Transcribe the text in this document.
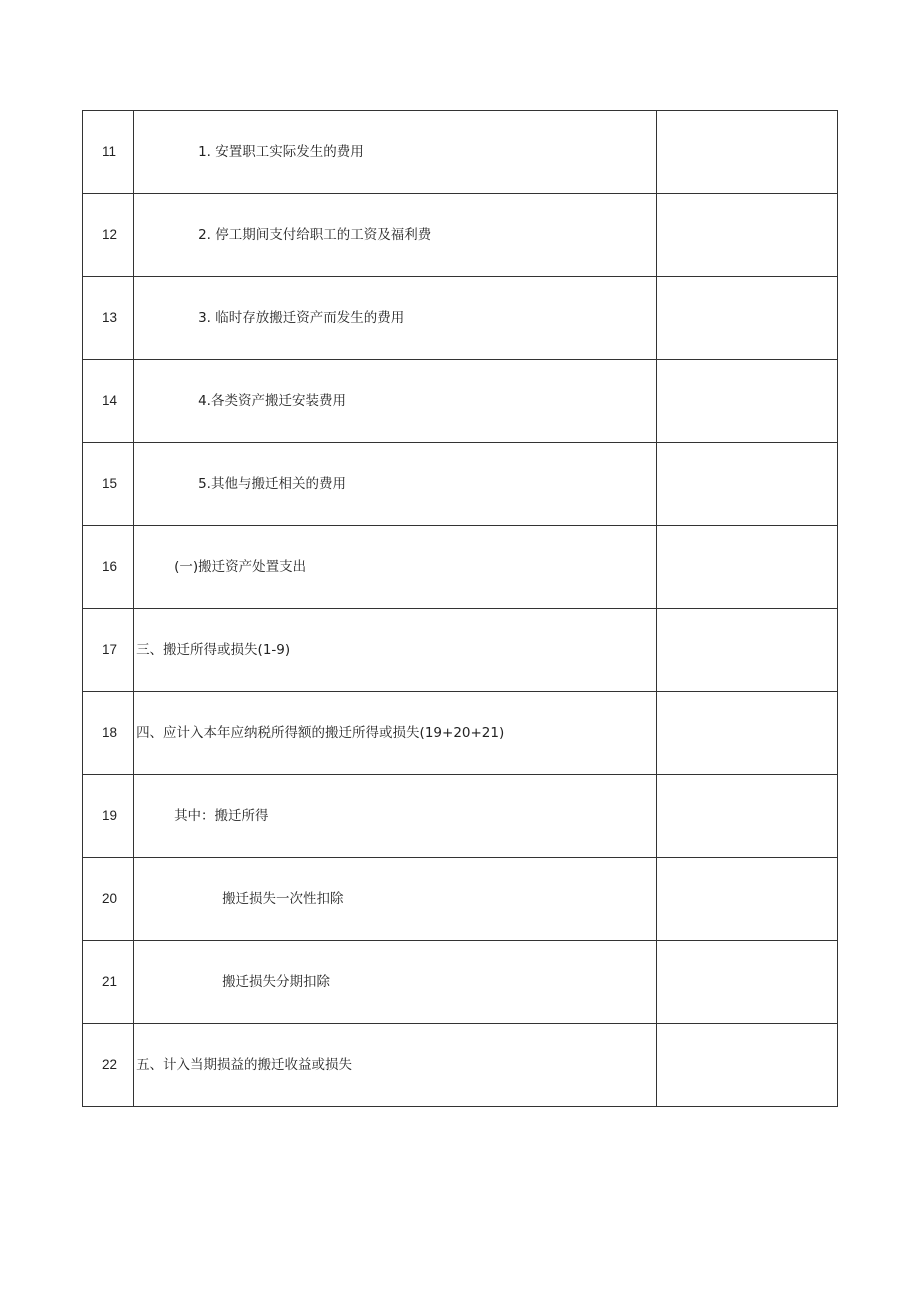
11	1. 安置职工实际发生的费用	
12	2. 停工期间支付给职工的工资及福利费	
13	3. 临时存放搬迁资产而发生的费用	
14	4.各类资产搬迁安装费用	
15	5.其他与搬迁相关的费用	
16	(一)搬迁资产处置支出	
17	三、搬迁所得或损失(1-9)	
18	四、应计入本年应纳税所得额的搬迁所得或损失(19+20+21)	
19	其中：搬迁所得	
20	搬迁损失一次性扣除	
21	搬迁损失分期扣除	
22	五、计入当期损益的搬迁收益或损失	
